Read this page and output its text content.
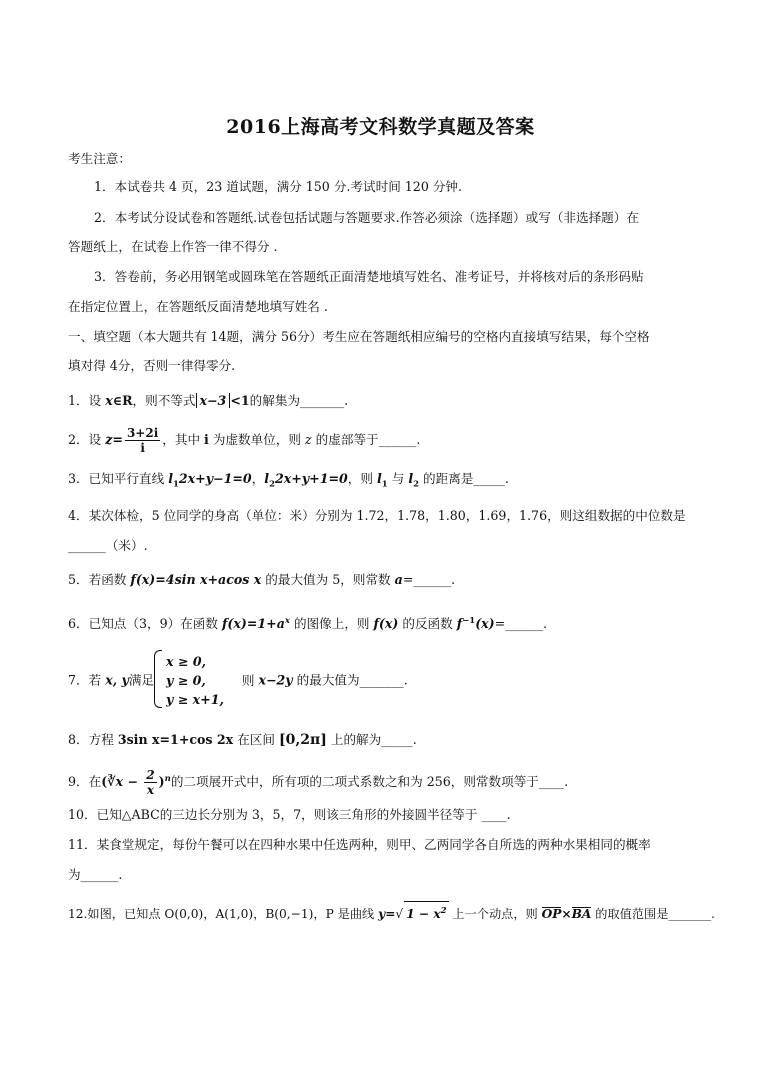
2016上海高考文科数学真题及答案
考生注意：
1．本试卷共 4 页，23 道试题，满分 150 分.考试时间 120 分钟.
2．本考试分设试卷和答题纸.试卷包括试题与答题要求.作答必须涂（选择题）或写（非选择题）在
答题纸上，在试卷上作答一律不得分 .
3．答卷前，务必用钢笔或圆珠笔在答题纸正面清楚地填写姓名、准考证号，并将核对后的条形码贴
在指定位置上，在答题纸反面清楚地填写姓名 .
一、填空题（本大题共有 14题，满分 56分）考生应在答题纸相应编号的空格内直接填写结果，每个空格
填对得 4分，否则一律得零分.
1．设 x∈R，则不等式 x−3 <1的解集为_______.
2．设 $z= \frac{3+2i}{i}$ ，其中 i 为虚数单位，则 z 的虚部等于______.
3．已知平行直线 $l_12x+y-1=0$，$l_22x+y+1=0$，则 $l_1$ 与 $l_2$ 的距离是_____.
4．某次体检，5 位同学的身高（单位：米）分别为 1.72，1.78，1.80，1.69，1.76，则这组数据的中位数是
______（米）.
5．若函数 f(x)=4sin x+acos x 的最大值为 5，则常数 a=______.
6．已知点（3，9）在函数 $f(x)=1+a^x$ 的图像上，则 f(x) 的反函数 $f^{-1}(x)=\_\_\_\_\_\_$.
7．若 x, y满足
x ≥ 0,
y ≥ 0,
y ≥ x+1,
则 x−2y 的最大值为_______.
8．方程 3sin x=1+cos 2x 在区间 [0,2π] 上的解为_____.
9．在(∛x − $\frac{2}{x} )^n$的二项展开式中，所有项的二项式系数之和为 256，则常数项等于____.
10．已知△ABC的三边长分别为 3，5，7，则该三角形的外接圆半径等于 ____.
11．某食堂规定，每份午餐可以在四种水果中任选两种，则甲、乙两同学各自所选的两种水果相同的概率
为______.
12.如图，已知点 O(0,0)，A(1,0)，B(0,−1)，P 是曲线 y=√ $1 - x^2$ 上一个动点，则 OP×BA 的取值范围是_______.
